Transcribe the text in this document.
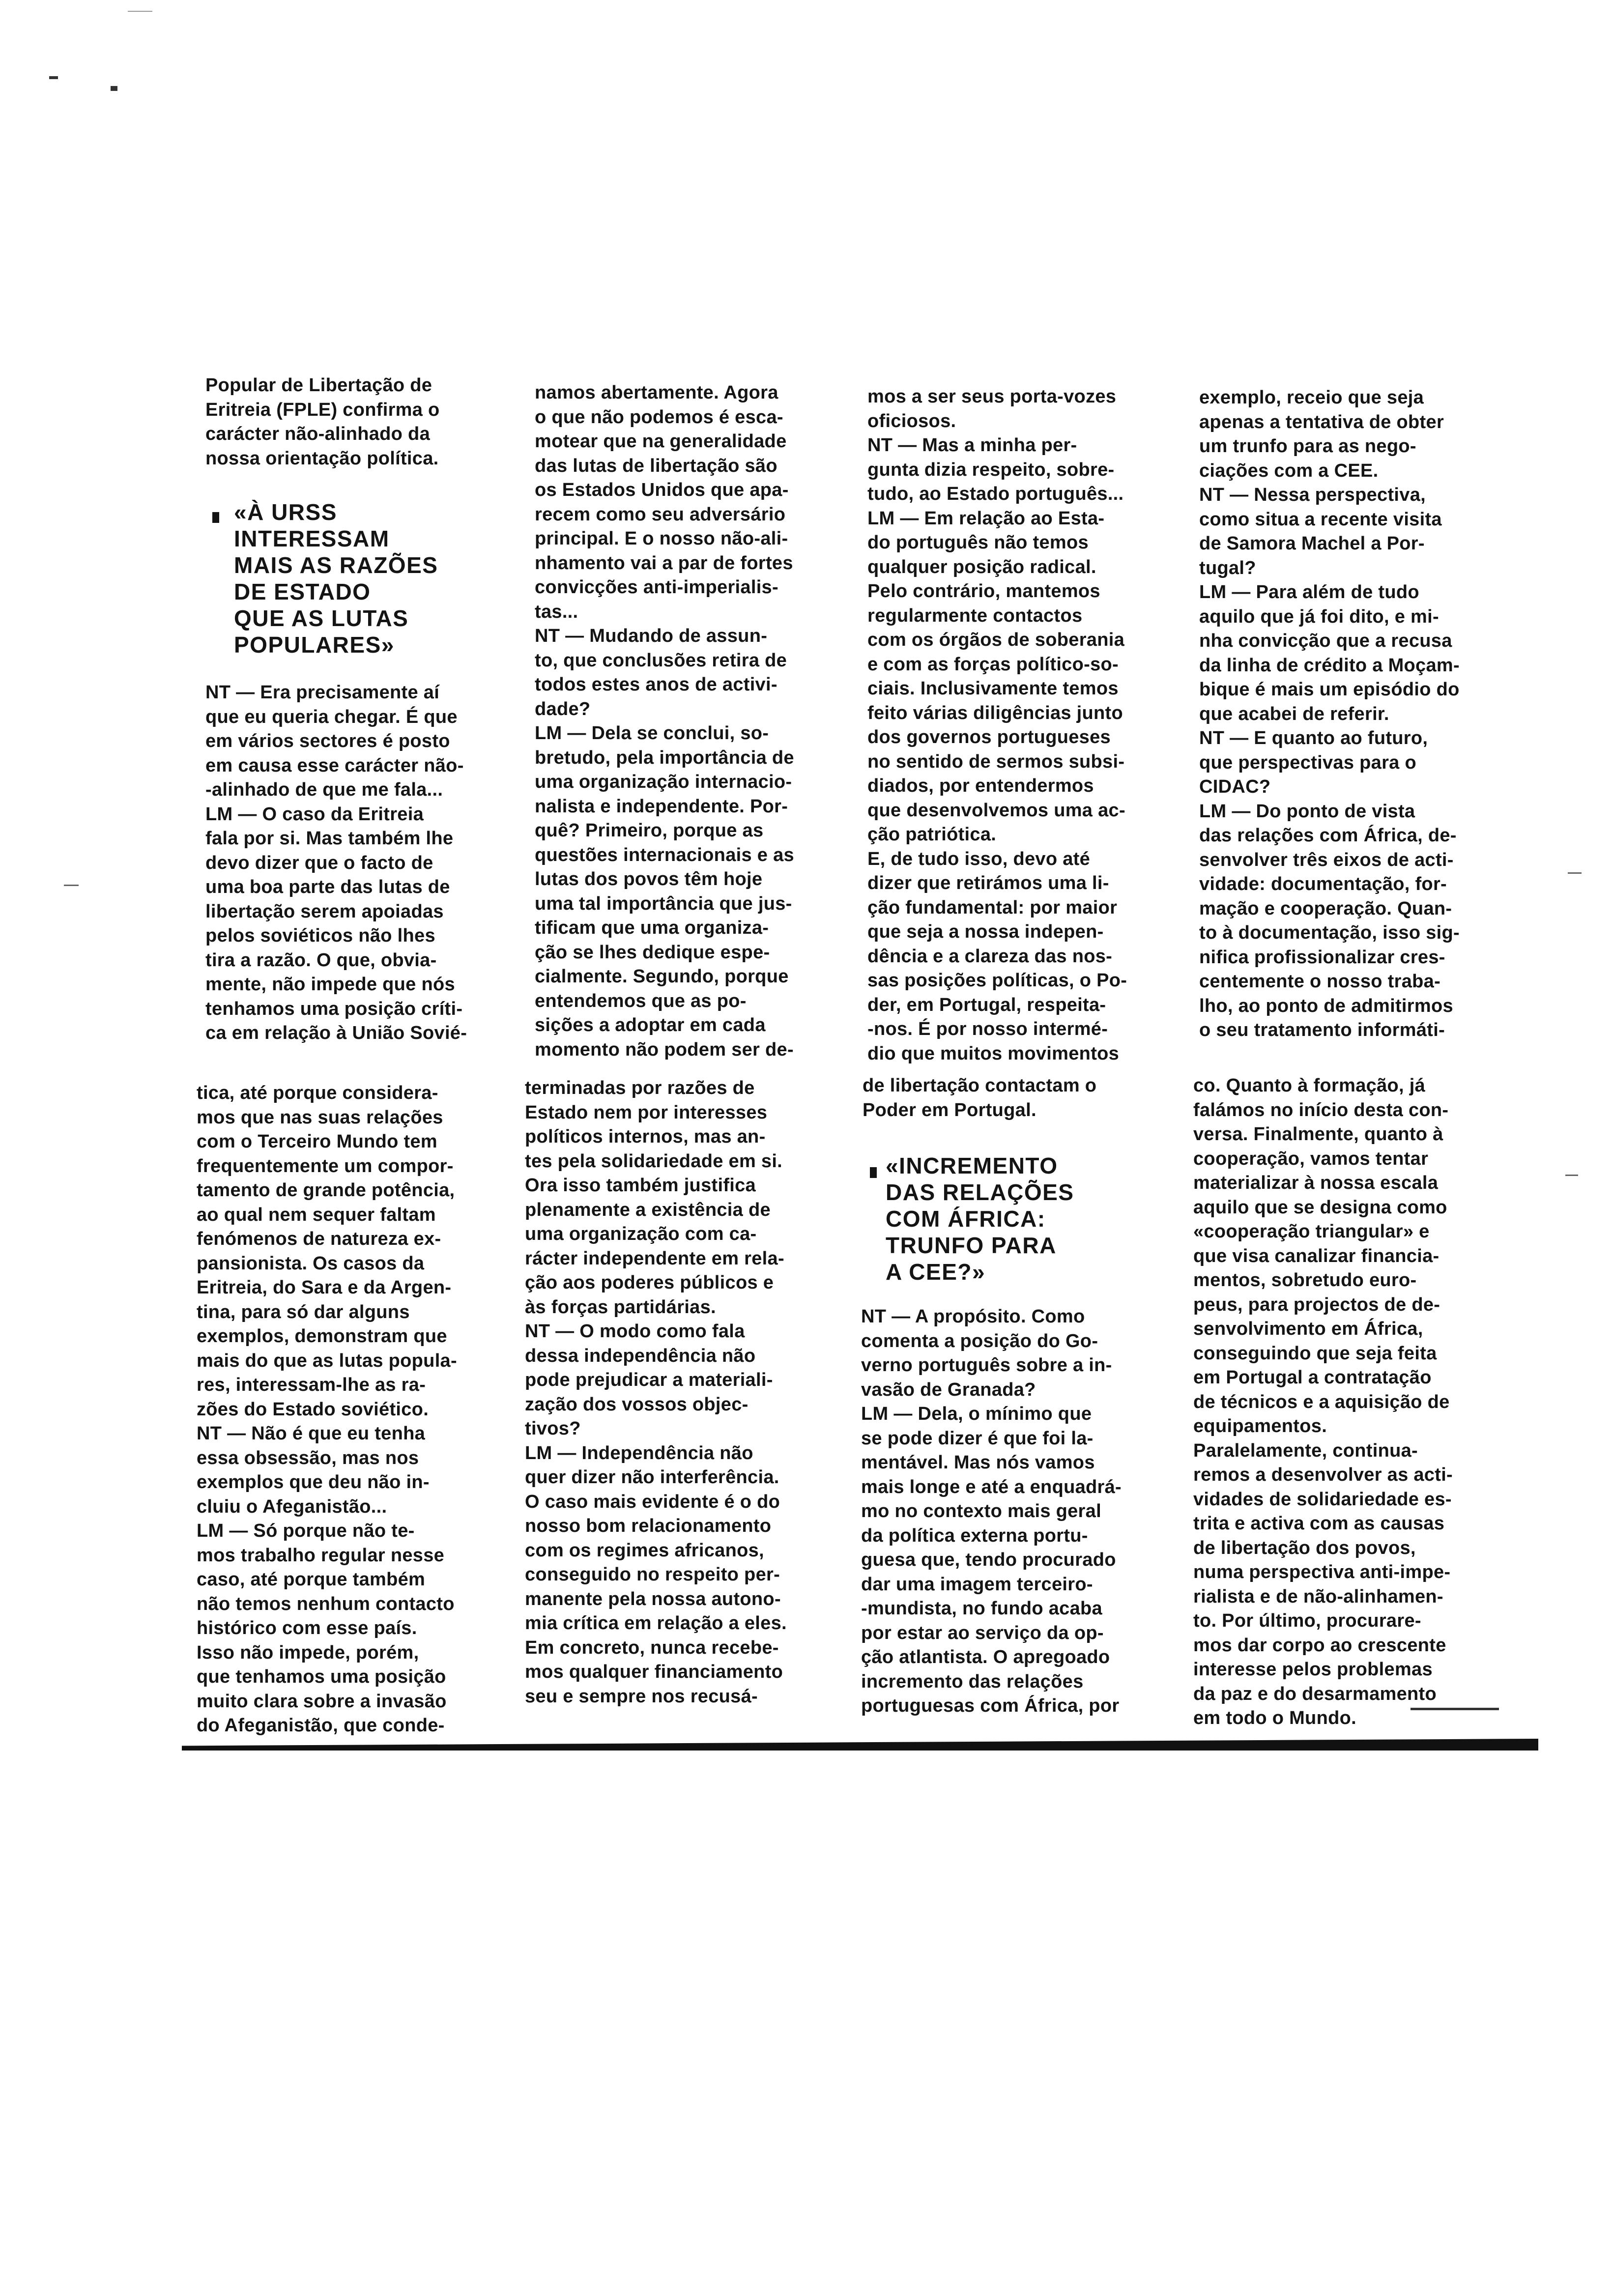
Popular de Libertação de
Eritreia (FPLE) confirma o
carácter não-alinhado da
nossa orientação política.
«À URSS
INTERESSAM
MAIS AS RAZÕES
DE ESTADO
QUE AS LUTAS
POPULARES»
NT — Era precisamente aí
que eu queria chegar. É que
em vários sectores é posto
em causa esse carácter não-
-alinhado de que me fala...
LM — O caso da Eritreia
fala por si. Mas também lhe
devo dizer que o facto de
uma boa parte das lutas de
libertação serem apoiadas
pelos soviéticos não lhes
tira a razão. O que, obvia-
mente, não impede que nós
tenhamos uma posição críti-
ca em relação à União Sovié-
namos abertamente. Agora
o que não podemos é esca-
motear que na generalidade
das lutas de libertação são
os Estados Unidos que apa-
recem como seu adversário
principal. E o nosso não-ali-
nhamento vai a par de fortes
convicções anti-imperialis-
tas...
NT — Mudando de assun-
to, que conclusões retira de
todos estes anos de activi-
dade?
LM — Dela se conclui, so-
bretudo, pela importância de
uma organização internacio-
nalista e independente. Por-
quê? Primeiro, porque as
questões internacionais e as
lutas dos povos têm hoje
uma tal importância que jus-
tificam que uma organiza-
ção se lhes dedique espe-
cialmente. Segundo, porque
entendemos que as po-
sições a adoptar em cada
momento não podem ser de-
mos a ser seus porta-vozes
oficiosos.
NT — Mas a minha per-
gunta dizia respeito, sobre-
tudo, ao Estado português...
LM — Em relação ao Esta-
do português não temos
qualquer posição radical.
Pelo contrário, mantemos
regularmente contactos
com os órgãos de soberania
e com as forças político-so-
ciais. Inclusivamente temos
feito várias diligências junto
dos governos portugueses
no sentido de sermos subsi-
diados, por entendermos
que desenvolvemos uma ac-
ção patriótica.
E, de tudo isso, devo até
dizer que retirámos uma li-
ção fundamental: por maior
que seja a nossa indepen-
dência e a clareza das nos-
sas posições políticas, o Po-
der, em Portugal, respeita-
-nos. É por nosso intermé-
dio que muitos movimentos
exemplo, receio que seja
apenas a tentativa de obter
um trunfo para as nego-
ciações com a CEE.
NT — Nessa perspectiva,
como situa a recente visita
de Samora Machel a Por-
tugal?
LM — Para além de tudo
aquilo que já foi dito, e mi-
nha convicção que a recusa
da linha de crédito a Moçam-
bique é mais um episódio do
que acabei de referir.
NT — E quanto ao futuro,
que perspectivas para o
CIDAC?
LM — Do ponto de vista
das relações com África, de-
senvolver três eixos de acti-
vidade: documentação, for-
mação e cooperação. Quan-
to à documentação, isso sig-
nifica profissionalizar cres-
centemente o nosso traba-
lho, ao ponto de admitirmos
o seu tratamento informáti-
tica, até porque considera-
mos que nas suas relações
com o Terceiro Mundo tem
frequentemente um compor-
tamento de grande potência,
ao qual nem sequer faltam
fenómenos de natureza ex-
pansionista. Os casos da
Eritreia, do Sara e da Argen-
tina, para só dar alguns
exemplos, demonstram que
mais do que as lutas popula-
res, interessam-lhe as ra-
zões do Estado soviético.
NT — Não é que eu tenha
essa obsessão, mas nos
exemplos que deu não in-
cluiu o Afeganistão...
LM — Só porque não te-
mos trabalho regular nesse
caso, até porque também
não temos nenhum contacto
histórico com esse país.
Isso não impede, porém,
que tenhamos uma posição
muito clara sobre a invasão
do Afeganistão, que conde-
terminadas por razões de
Estado nem por interesses
políticos internos, mas an-
tes pela solidariedade em si.
Ora isso também justifica
plenamente a existência de
uma organização com ca-
rácter independente em rela-
ção aos poderes públicos e
às forças partidárias.
NT — O modo como fala
dessa independência não
pode prejudicar a materiali-
zação dos vossos objec-
tivos?
LM — Independência não
quer dizer não interferência.
O caso mais evidente é o do
nosso bom relacionamento
com os regimes africanos,
conseguido no respeito per-
manente pela nossa autono-
mia crítica em relação a eles.
Em concreto, nunca recebe-
mos qualquer financiamento
seu e sempre nos recusá-
de libertação contactam o
Poder em Portugal.
«INCREMENTO
DAS RELAÇÕES
COM ÁFRICA:
TRUNFO PARA
A CEE?»
NT — A propósito. Como
comenta a posição do Go-
verno português sobre a in-
vasão de Granada?
LM — Dela, o mínimo que
se pode dizer é que foi la-
mentável. Mas nós vamos
mais longe e até a enquadrá-
mo no contexto mais geral
da política externa portu-
guesa que, tendo procurado
dar uma imagem terceiro-
-mundista, no fundo acaba
por estar ao serviço da op-
ção atlantista. O apregoado
incremento das relações
portuguesas com África, por
co. Quanto à formação, já
falámos no início desta con-
versa. Finalmente, quanto à
cooperação, vamos tentar
materializar à nossa escala
aquilo que se designa como
«cooperação triangular» e
que visa canalizar financia-
mentos, sobretudo euro-
peus, para projectos de de-
senvolvimento em África,
conseguindo que seja feita
em Portugal a contratação
de técnicos e a aquisição de
equipamentos.
Paralelamente, continua-
remos a desenvolver as acti-
vidades de solidariedade es-
trita e activa com as causas
de libertação dos povos,
numa perspectiva anti-impe-
rialista e de não-alinhamen-
to. Por último, procurare-
mos dar corpo ao crescente
interesse pelos problemas
da paz e do desarmamento
em todo o Mundo.
